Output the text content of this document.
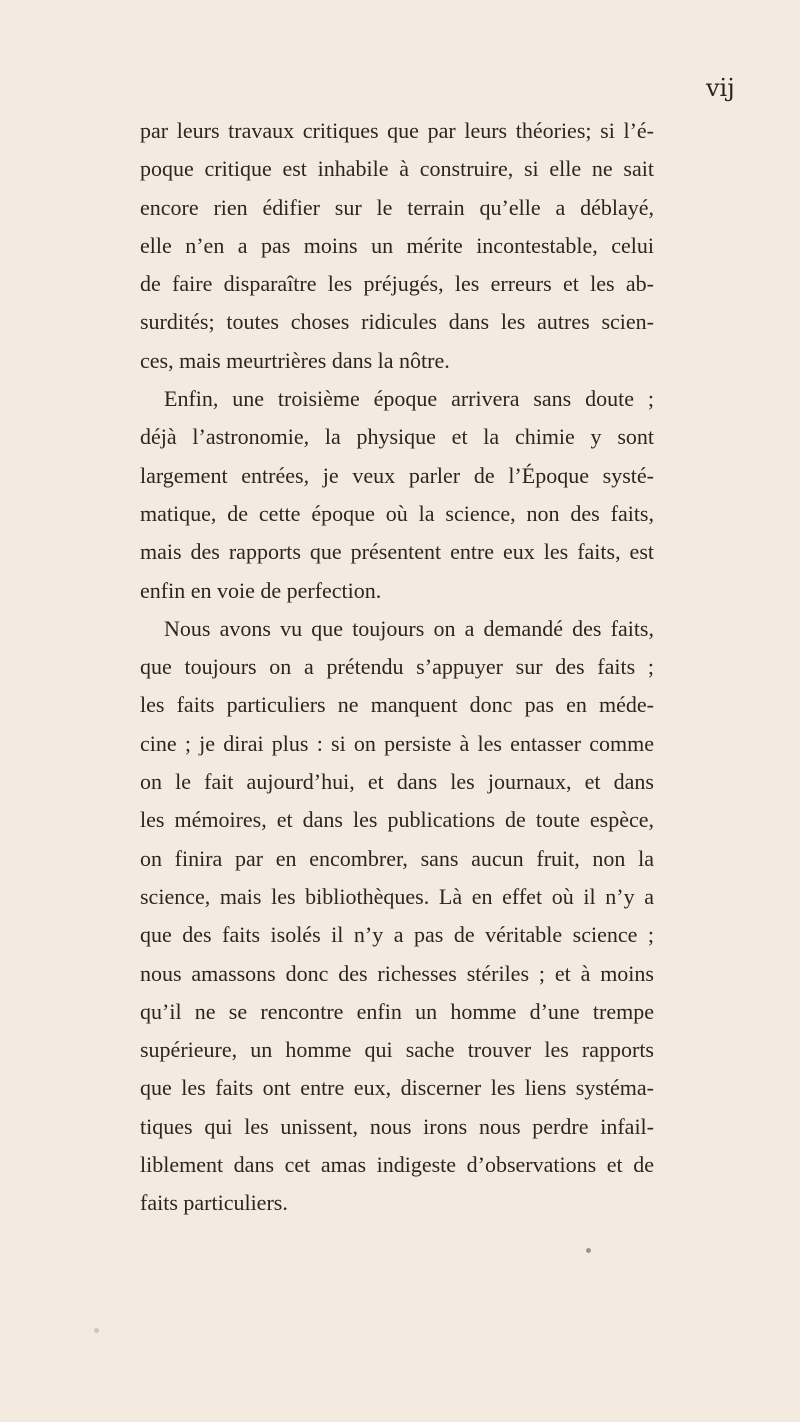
vij
par leurs travaux critiques que par leurs théories; si l’é-
poque critique est inhabile à construire, si elle ne sait
encore rien édifier sur le terrain qu’elle a déblayé,
elle n’en a pas moins un mérite incontestable, celui
de faire disparaître les préjugés, les erreurs et les ab-
surdités; toutes choses ridicules dans les autres scien-
ces, mais meurtrières dans la nôtre.
Enfin, une troisième époque arrivera sans doute ;
déjà l’astronomie, la physique et la chimie y sont
largement entrées, je veux parler de l’Époque systé-
matique, de cette époque où la science, non des faits,
mais des rapports que présentent entre eux les faits, est
enfin en voie de perfection.
Nous avons vu que toujours on a demandé des faits,
que toujours on a prétendu s’appuyer sur des faits ;
les faits particuliers ne manquent donc pas en méde-
cine ; je dirai plus : si on persiste à les entasser comme
on le fait aujourd’hui, et dans les journaux, et dans
les mémoires, et dans les publications de toute espèce,
on finira par en encombrer, sans aucun fruit, non la
science, mais les bibliothèques. Là en effet où il n’y a
que des faits isolés il n’y a pas de véritable science ;
nous amassons donc des richesses stériles ; et à moins
qu’il ne se rencontre enfin un homme d’une trempe
supérieure, un homme qui sache trouver les rapports
que les faits ont entre eux, discerner les liens systéma-
tiques qui les unissent, nous irons nous perdre infail-
liblement dans cet amas indigeste d’observations et de
faits particuliers.
